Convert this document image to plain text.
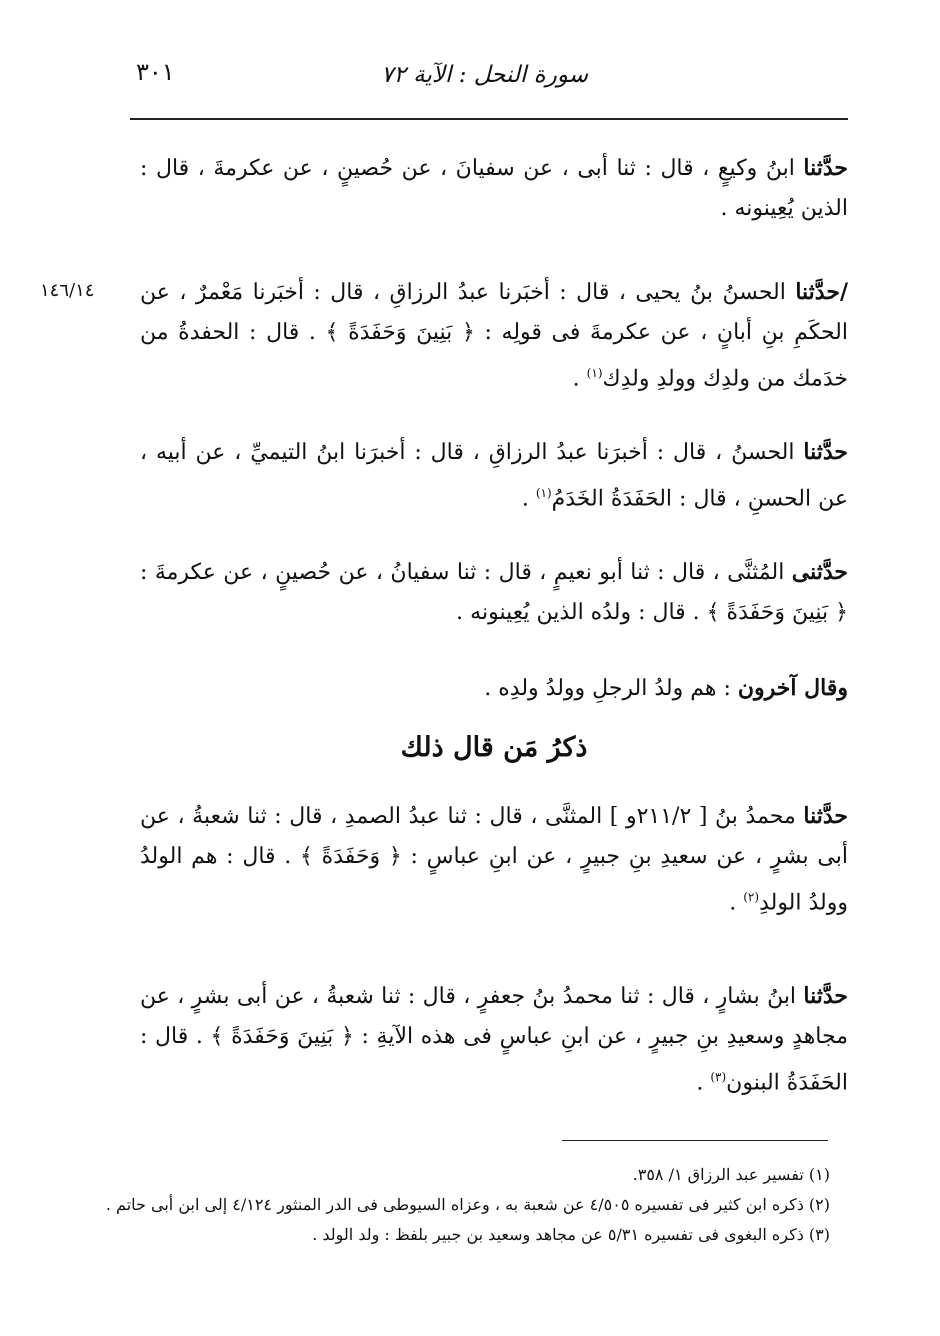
سورة النحل : الآية ٧٢
٣٠١

حدَّثنا ابنُ وكيعٍ ، قال : ثنا أبى ، عن سفيانَ ، عن حُصينٍ ، عن عكرمةَ ، قال : الذين يُعِينونه .

١٤٦/١٤	/حدَّثنا الحسنُ بنُ يحيى ، قال : أخبَرنا عبدُ الرزاقِ ، قال : أخبَرنا مَعْمرٌ ، عن الحكَمِ بنِ أبانٍ ، عن عكرمةَ فى قولِه : ﴿ بَنِينَ وَحَفَدَةً ﴾ . قال : الحفدةُ من خدَمك من ولدِك وولدِ ولدِك$^{(١)}$ .

حدَّثنا الحسنُ ، قال : أخبرَنا عبدُ الرزاقِ ، قال : أخبرَنا ابنُ التيميِّ ، عن أبيه ، عن الحسنِ ، قال : الحَفَدَةُ الخَدَمُ$^{(١)}$ .

حدَّثنى المُثنَّى ، قال : ثنا أبو نعيمٍ ، قال : ثنا سفيانُ ، عن حُصينٍ ، عن عكرمةَ : ﴿ بَنِينَ وَحَفَدَةً ﴾ . قال : ولدُه الذين يُعِينونه .

وقال آخرون : هم ولدُ الرجلِ وولدُ ولدِه .

ذكرُ مَن قال ذلك

حدَّثنا محمدُ بنُ [ ٢١١/٢و ] المثنَّى ، قال : ثنا عبدُ الصمدِ ، قال : ثنا شعبةُ ، عن أبى بشرٍ ، عن سعيدِ بنِ جبيرٍ ، عن ابنِ عباسٍ : ﴿ وَحَفَدَةً ﴾ . قال : هم الولدُ وولدُ الولدِ$^{(٢)}$ .

حدَّثنا ابنُ بشارٍ ، قال : ثنا محمدُ بنُ جعفرٍ ، قال : ثنا شعبةُ ، عن أبى بشرٍ ، عن مجاهدٍ وسعيدِ بنِ جبيرٍ ، عن ابنِ عباسٍ فى هذه الآيةِ : ﴿ بَنِينَ وَحَفَدَةً ﴾ . قال : الحَفَدَةُ البنون$^{(٣)}$ .

(١) تفسير عبد الرزاق ١/ ٣٥٨.

(٢) ذكره ابن كثير فى تفسيره ٤/٥٠٥ عن شعبة به ، وعزاه السيوطى فى الدر المنثور ٤/١٢٤ إلى ابن أبى حاتم .

(٣) ذكره البغوى فى تفسيره ٥/٣١ عن مجاهد وسعيد بن جبير بلفظ : ولد الولد .
